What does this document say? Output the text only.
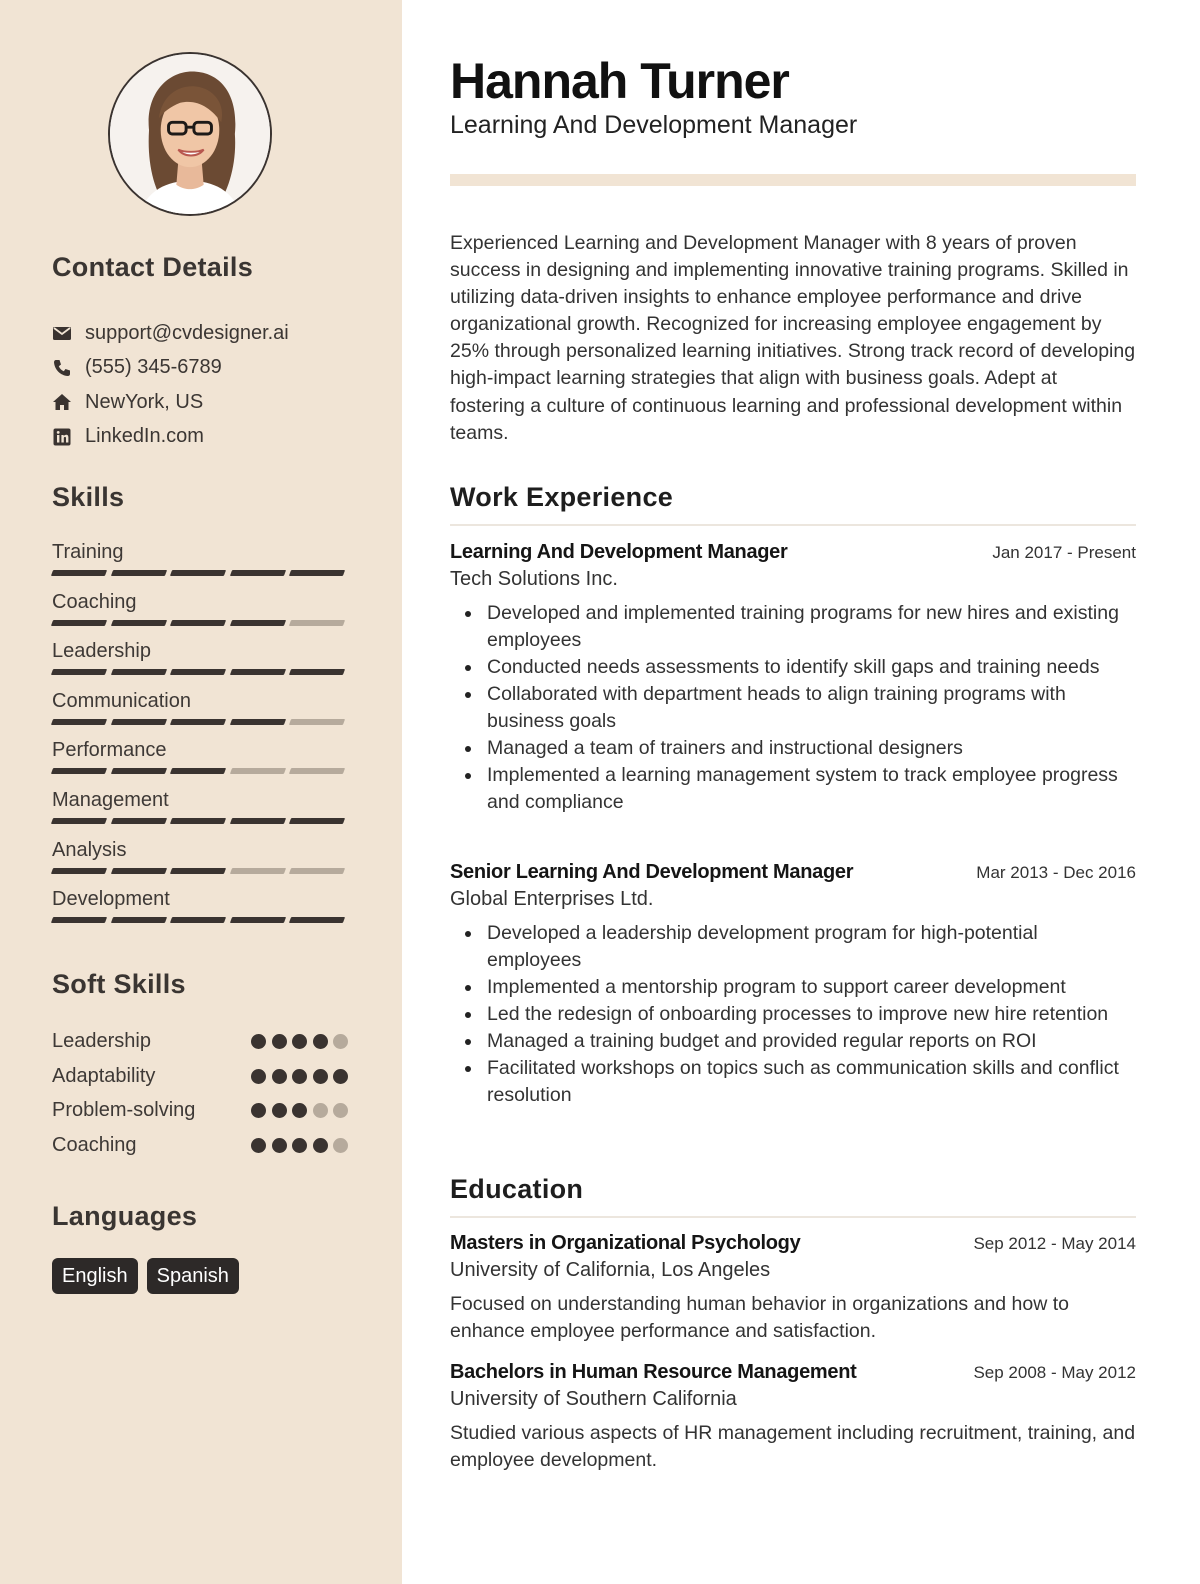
Contact Details
support@cvdesigner.ai
(555) 345-6789
NewYork, US
LinkedIn.com
Skills
Training
Coaching
Leadership
Communication
Performance
Management
Analysis
Development
Soft Skills
Leadership
Adaptability
Problem-solving
Coaching
Languages
English	Spanish
Hannah Turner
Learning And Development Manager

Experienced Learning and Development Manager with 8 years of proven success in designing and implementing innovative training programs. Skilled in utilizing data-driven insights to enhance employee performance and drive organizational growth. Recognized for increasing employee engagement by 25% through personalized learning initiatives. Strong track record of developing high-impact learning strategies that align with business goals. Adept at fostering a culture of continuous learning and professional development within teams.

Work Experience
Learning And Development Manager	Jan 2017 - Present
Tech Solutions Inc.
Developed and implemented training programs for new hires and existing employees
Conducted needs assessments to identify skill gaps and training needs
Collaborated with department heads to align training programs with business goals
Managed a team of trainers and instructional designers
Implemented a learning management system to track employee progress and compliance
Senior Learning And Development Manager	Mar 2013 - Dec 2016
Global Enterprises Ltd.
Developed a leadership development program for high-potential employees
Implemented a mentorship program to support career development
Led the redesign of onboarding processes to improve new hire retention
Managed a training budget and provided regular reports on ROI
Facilitated workshops on topics such as communication skills and conflict resolution
Education
Masters in Organizational Psychology	Sep 2012 - May 2014
University of California, Los Angeles

Focused on understanding human behavior in organizations and how to enhance employee performance and satisfaction.

Bachelors in Human Resource Management	Sep 2008 - May 2012
University of Southern California

Studied various aspects of HR management including recruitment, training, and employee development.
